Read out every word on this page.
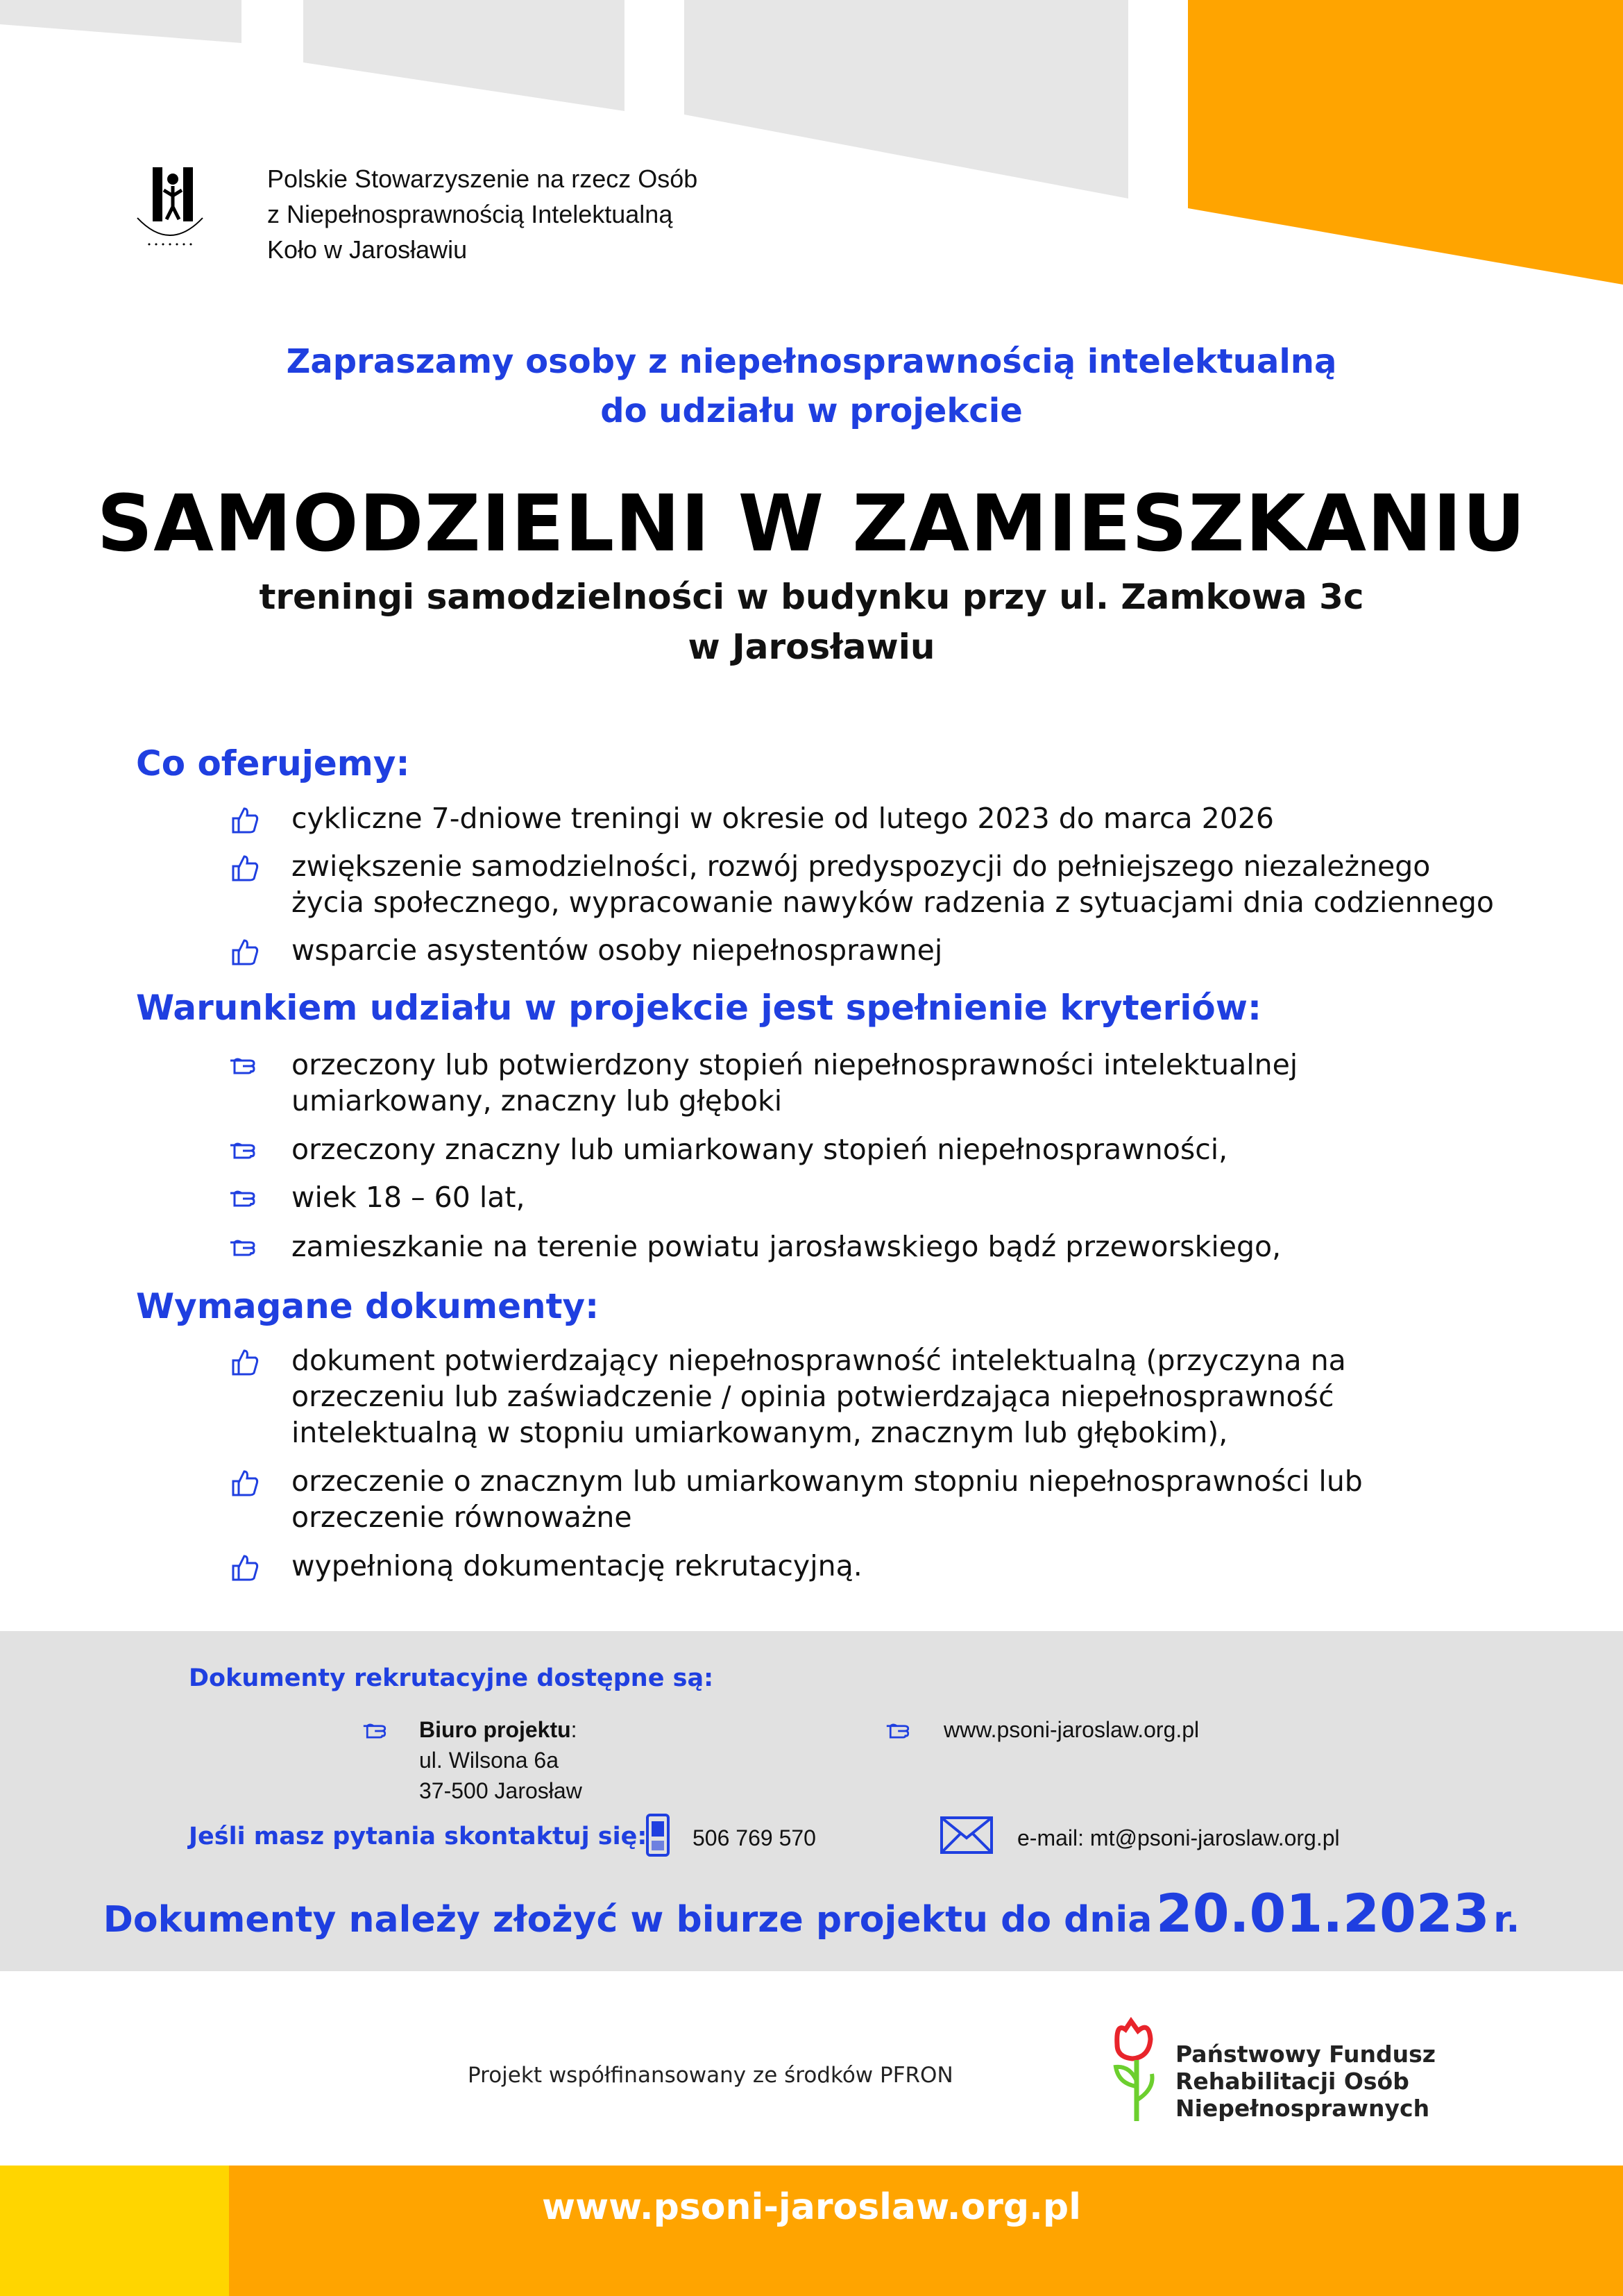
• • • • • • •
Polskie Stowarzyszenie na rzecz Osób
z Niepełnosprawnością Intelektualną
Koło w Jarosławiu
Zapraszamy osoby z niepełnosprawnością intelektualną
do udziału w projekcie
SAMODZIELNI W ZAMIESZKANIU
treningi samodzielności w budynku przy ul. Zamkowa 3c
w Jarosławiu
Co oferujemy:
cykliczne 7-dniowe treningi w okresie od lutego 2023 do marca 2026
zwiększenie samodzielności, rozwój predyspozycji do pełniejszego niezależnego
życia społecznego, wypracowanie nawyków radzenia z sytuacjami dnia codziennego
wsparcie asystentów osoby niepełnosprawnej
Warunkiem udziału w projekcie jest spełnienie kryteriów:
orzeczony lub potwierdzony stopień niepełnosprawności intelektualnej
umiarkowany, znaczny lub głęboki
orzeczony znaczny lub umiarkowany stopień niepełnosprawności,
wiek 18 – 60 lat,
zamieszkanie na terenie powiatu jarosławskiego bądź przeworskiego,
Wymagane dokumenty:
dokument potwierdzający niepełnosprawność intelektualną (przyczyna na
orzeczeniu lub zaświadczenie / opinia potwierdzająca niepełnosprawność
intelektualną w stopniu umiarkowanym, znacznym lub głębokim),
orzeczenie o znacznym lub umiarkowanym stopniu niepełnosprawności lub
orzeczenie równoważne
wypełnioną dokumentację rekrutacyjną.
Dokumenty rekrutacyjne dostępne są:
Biuro projektu:
ul. Wilsona 6a
37-500 Jarosław
www.psoni-jaroslaw.org.pl
Jeśli masz pytania skontaktuj się: 506 769 570	e-mail: mt@psoni-jaroslaw.org.pl
Dokumenty należy złożyć w biurze projektu do dnia 20.01.2023 r.
Projekt współfinansowany ze środków PFRON
Państwowy Fundusz
Rehabilitacji Osób
Niepełnosprawnych
www.psoni-jaroslaw.org.pl
